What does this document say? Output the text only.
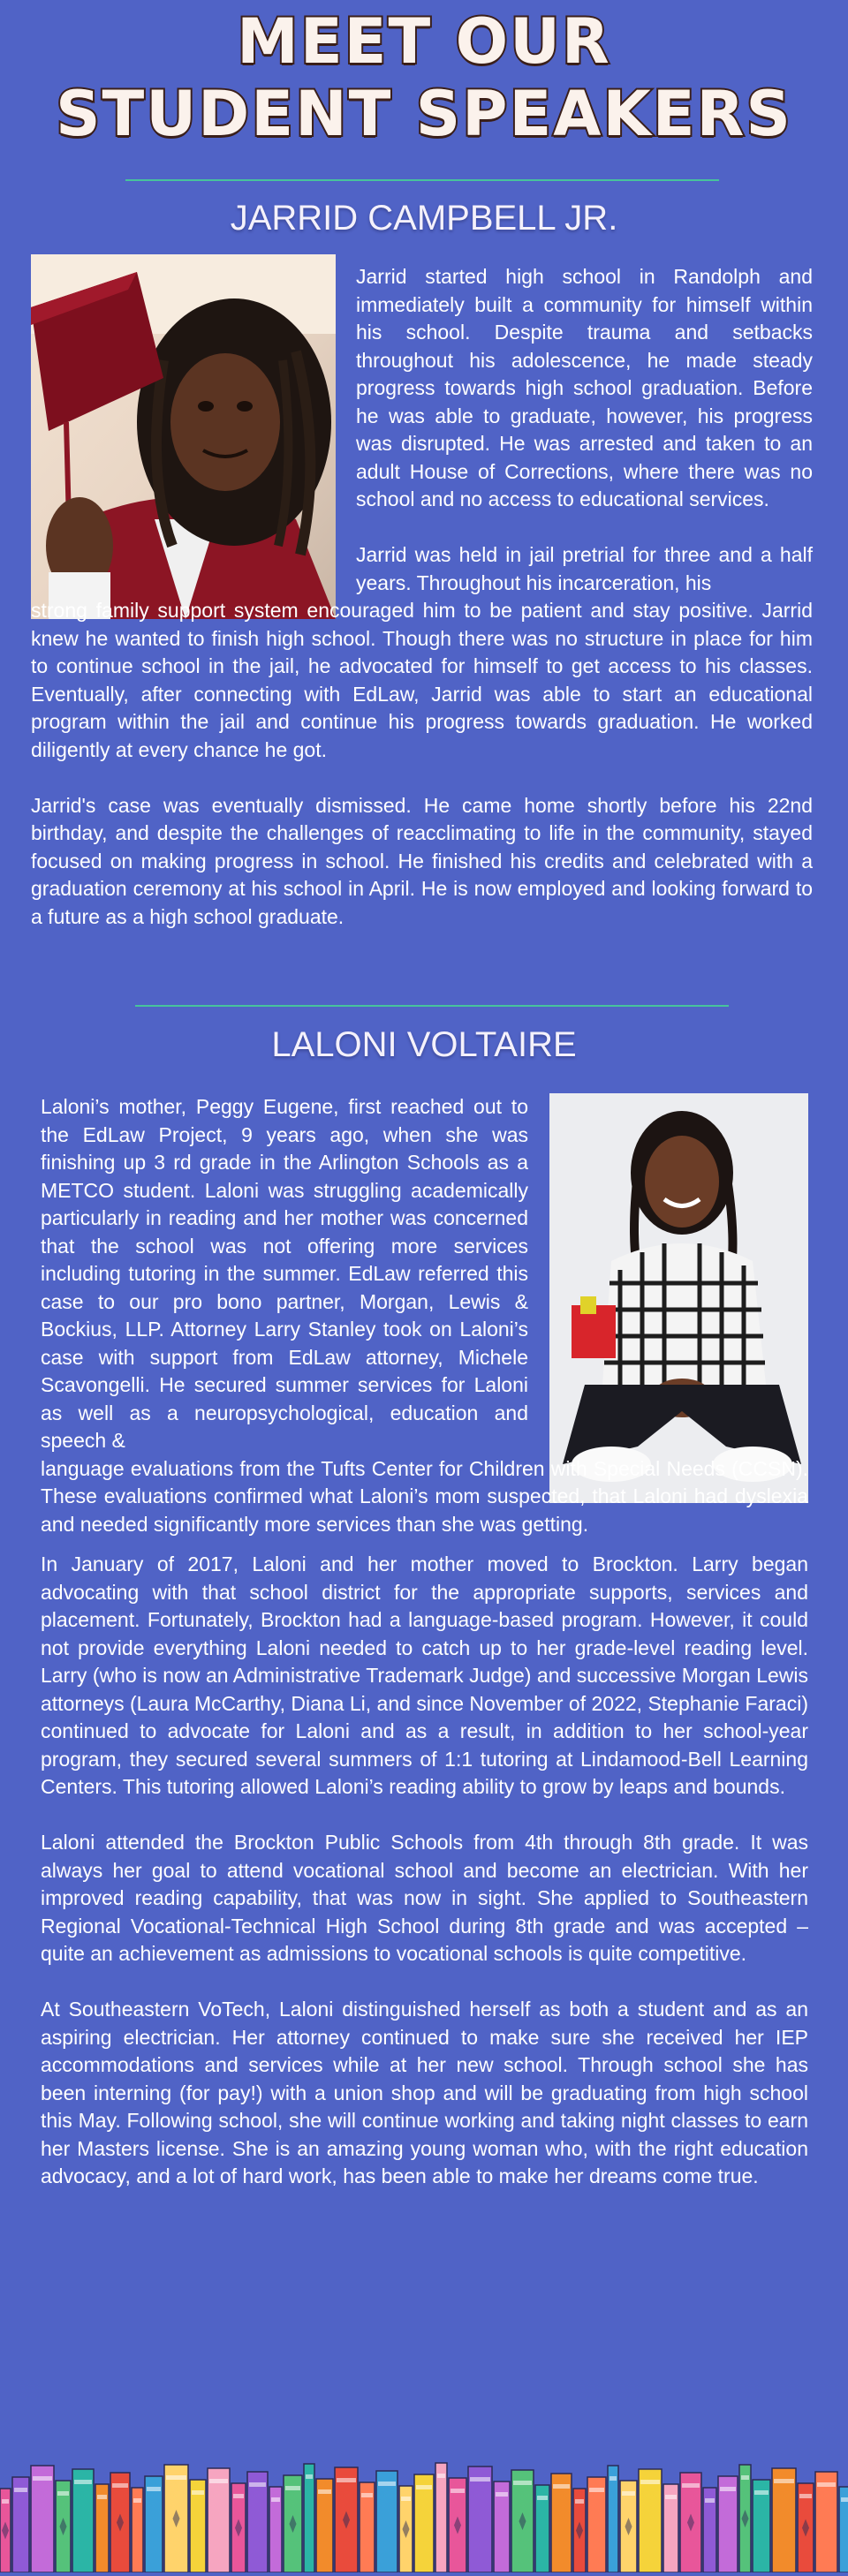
MEET OUR
STUDENT SPEAKERS
JARRID CAMPBELL JR.

Jarrid started high school in Randolph and immediately built a community for himself within his school. Despite trauma and setbacks throughout his adolescence, he made steady progress towards high school graduation. Before he was able to graduate, however, his progress was disrupted. He was arrested and taken to an adult House of Corrections, where there was no school and no access to educational services.

Jarrid was held in jail pretrial for three and a half years. Throughout his incarceration, his

strong family support system encouraged him to be patient and stay positive. Jarrid knew he wanted to finish high school. Though there was no structure in place for him to continue school in the jail, he advocated for himself to get access to his classes. Eventually, after connecting with EdLaw, Jarrid was able to start an educational program within the jail and continue his progress towards graduation. He worked diligently at every chance he got.

Jarrid's case was eventually dismissed. He came home shortly before his 22nd birthday, and despite the challenges of reacclimating to life in the community, stayed focused on making progress in school. He finished his credits and celebrated with a graduation ceremony at his school in April. He is now employed and looking forward to a future as a high school graduate.

LALONI VOLTAIRE

Laloni’s mother, Peggy Eugene, first reached out to the EdLaw Project, 9 years ago, when she was finishing up 3 rd grade in the Arlington Schools as a METCO student. Laloni was struggling academically particularly in reading and her mother was concerned that the school was not offering more services including tutoring in the summer. EdLaw referred this case to our pro bono partner, Morgan, Lewis & Bockius, LLP. Attorney Larry Stanley took on Laloni’s case with support from EdLaw attorney, Michele Scavongelli. He secured summer services for Laloni as well as a neuropsychological, education and speech &

language evaluations from the Tufts Center for Children with Special Needs (CCSN). These evaluations confirmed what Laloni’s mom suspected, that Laloni had dyslexia and needed significantly more services than she was getting.

In January of 2017, Laloni and her mother moved to Brockton. Larry began advocating with that school district for the appropriate supports, services and placement. Fortunately, Brockton had a language-based program. However, it could not provide everything Laloni needed to catch up to her grade-level reading level. Larry (who is now an Administrative Trademark Judge) and successive Morgan Lewis attorneys (Laura McCarthy, Diana Li, and since November of 2022, Stephanie Faraci) continued to advocate for Laloni and as a result, in addition to her school-year program, they secured several summers of 1:1 tutoring at Lindamood-Bell Learning Centers. This tutoring allowed Laloni’s reading ability to grow by leaps and bounds.

Laloni attended the Brockton Public Schools from 4th through 8th grade. It was always her goal to attend vocational school and become an electrician. With her improved reading capability, that was now in sight. She applied to Southeastern Regional Vocational-Technical High School during 8th grade and was accepted – quite an achievement as admissions to vocational schools is quite competitive.

At Southeastern VoTech, Laloni distinguished herself as both a student and as an aspiring electrician. Her attorney continued to make sure she received her IEP accommodations and services while at her new school. Through school she has been interning (for pay!) with a union shop and will be graduating from high school this May. Following school, she will continue working and taking night classes to earn her Masters license. She is an amazing young woman who, with the right education advocacy, and a lot of hard work, has been able to make her dreams come true.
